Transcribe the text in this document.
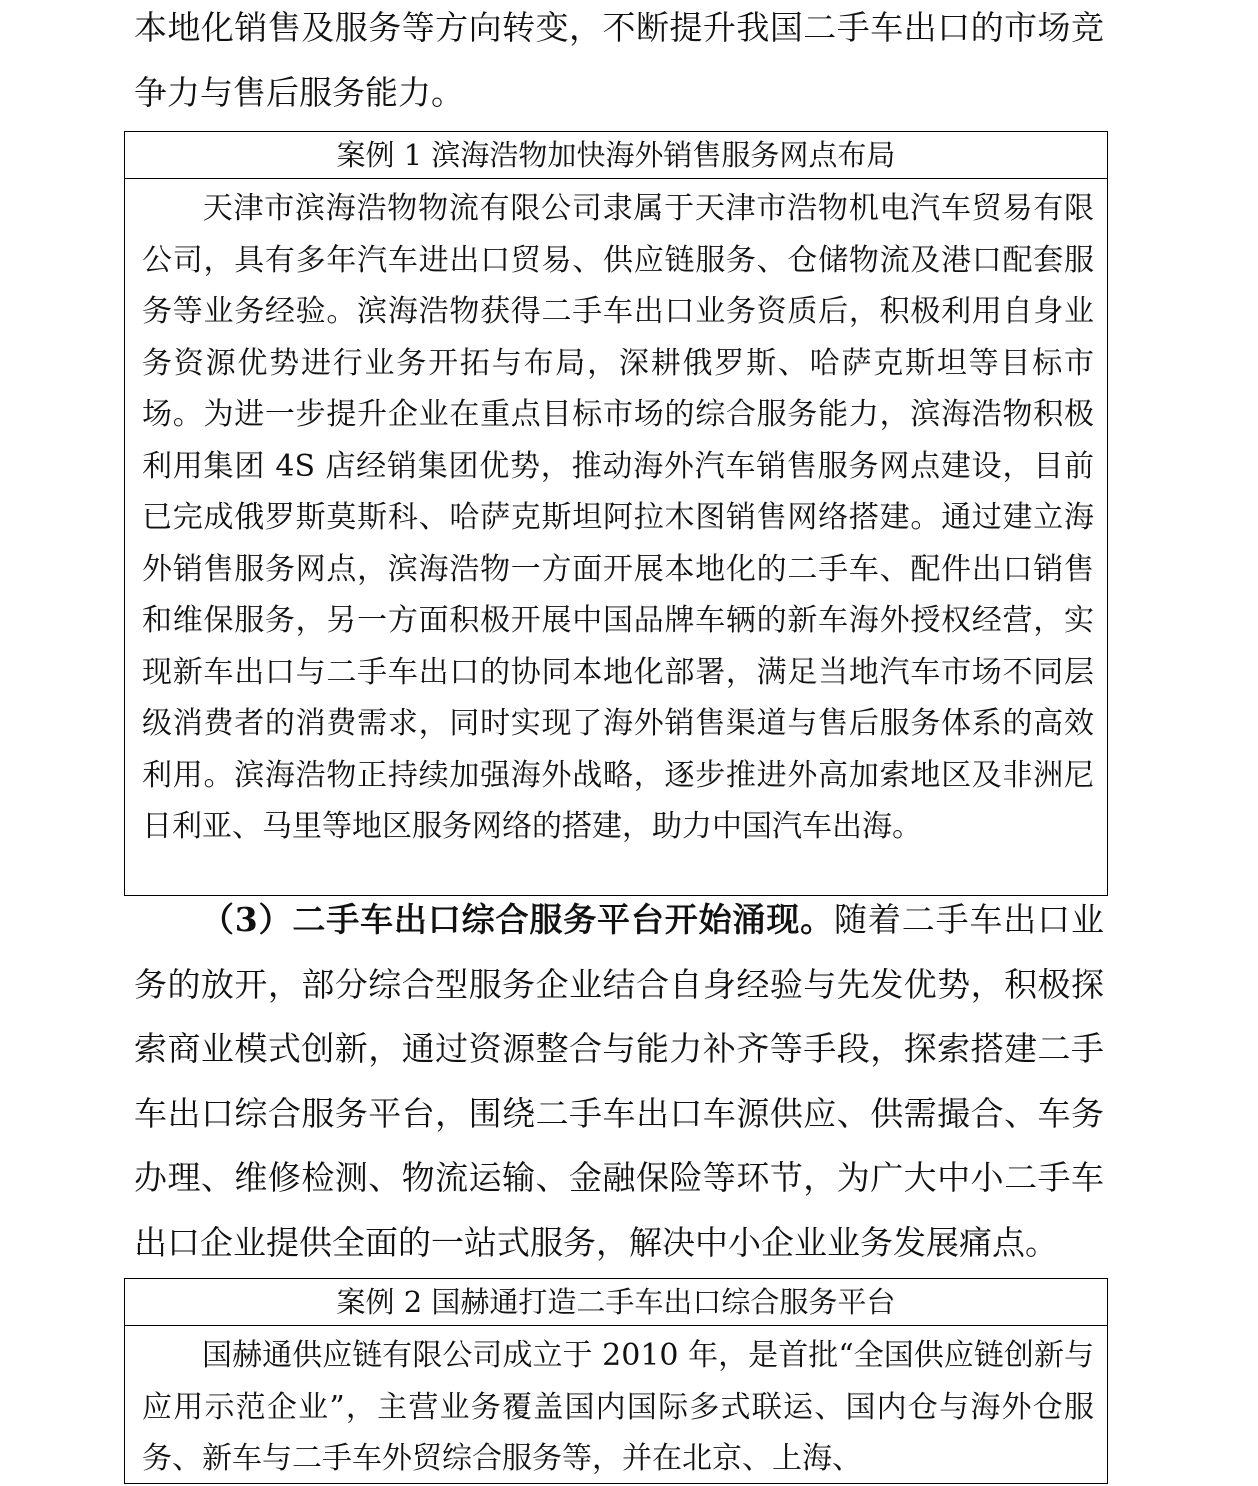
本地化销售及服务等方向转变，不断提升我国二手车出口的市场竞争力与售后服务能力。

案例 1 滨海浩物加快海外销售服务网点布局

天津市滨海浩物物流有限公司隶属于天津市浩物机电汽车贸易有限公司，具有多年汽车进出口贸易、供应链服务、仓储物流及港口配套服务等业务经验。滨海浩物获得二手车出口业务资质后，积极利用自身业务资源优势进行业务开拓与布局，深耕俄罗斯、哈萨克斯坦等目标市场。为进一步提升企业在重点目标市场的综合服务能力，滨海浩物积极利用集团 4S 店经销集团优势，推动海外汽车销售服务网点建设，目前已完成俄罗斯莫斯科、哈萨克斯坦阿拉木图销售网络搭建。通过建立海外销售服务网点，滨海浩物一方面开展本地化的二手车、配件出口销售和维保服务，另一方面积极开展中国品牌车辆的新车海外授权经营，实现新车出口与二手车出口的协同本地化部署，满足当地汽车市场不同层级消费者的消费需求，同时实现了海外销售渠道与售后服务体系的高效利用。滨海浩物正持续加强海外战略，逐步推进外高加索地区及非洲尼日利亚、马里等地区服务网络的搭建，助力中国汽车出海。

（3）二手车出口综合服务平台开始涌现。随着二手车出口业务的放开，部分综合型服务企业结合自身经验与先发优势，积极探索商业模式创新，通过资源整合与能力补齐等手段，探索搭建二手车出口综合服务平台，围绕二手车出口车源供应、供需撮合、车务办理、维修检测、物流运输、金融保险等环节，为广大中小二手车出口企业提供全面的一站式服务，解决中小企业业务发展痛点。

案例 2 国赫通打造二手车出口综合服务平台

国赫通供应链有限公司成立于 2010 年，是首批“全国供应链创新与应用示范企业”，主营业务覆盖国内国际多式联运、国内仓与海外仓服务、新车与二手车外贸综合服务等，并在北京、上海、
